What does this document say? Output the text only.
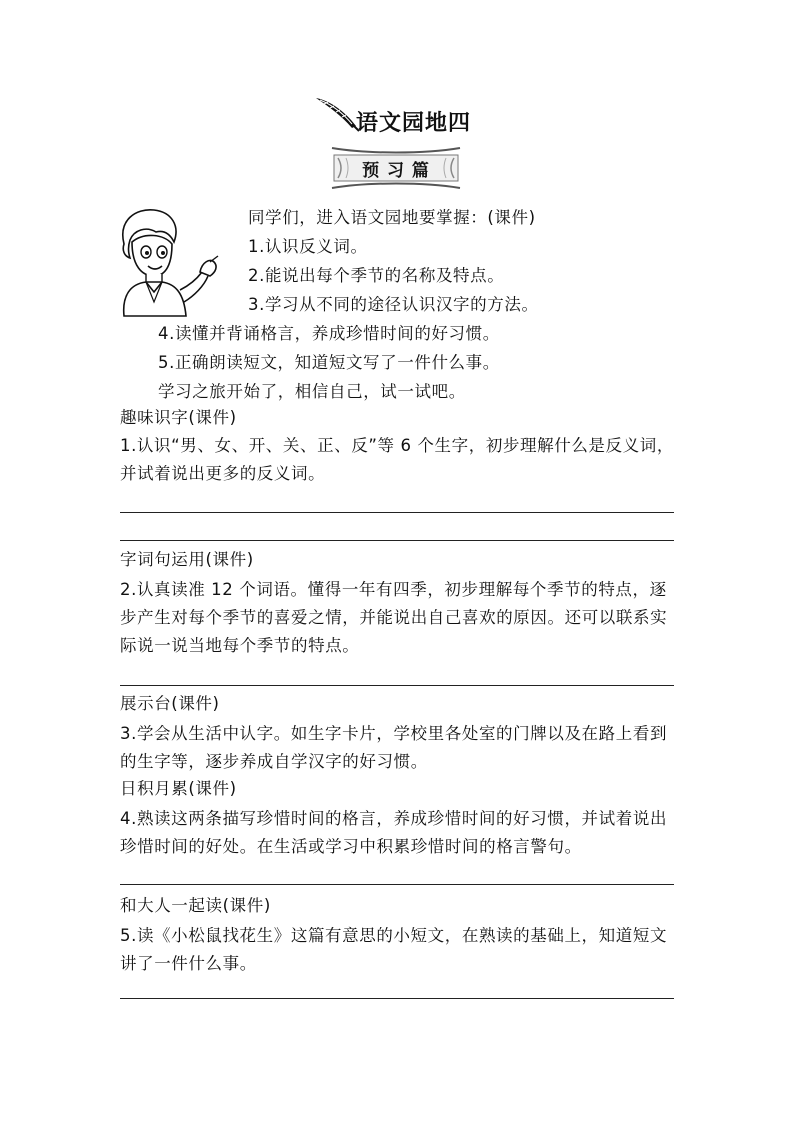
语文园地四
预 习 篇
同学们，进入语文园地要掌握：(课件)
1.认识反义词。
2.能说出每个季节的名称及特点。
3.学习从不同的途径认识汉字的方法。
4.读懂并背诵格言，养成珍惜时间的好习惯。
5.正确朗读短文，知道短文写了一件什么事。
学习之旅开始了，相信自己，试一试吧。
趣味识字(课件)
1.认识“男、女、开、关、正、反”等 6 个生字，初步理解什么是反义词，并试着说出更多的反义词。
字词句运用(课件)
2.认真读准 12 个词语。懂得一年有四季，初步理解每个季节的特点，逐步产生对每个季节的喜爱之情，并能说出自己喜欢的原因。还可以联系实际说一说当地每个季节的特点。
展示台(课件)
3.学会从生活中认字。如生字卡片，学校里各处室的门牌以及在路上看到的生字等，逐步养成自学汉字的好习惯。
日积月累(课件)
4.熟读这两条描写珍惜时间的格言，养成珍惜时间的好习惯，并试着说出珍惜时间的好处。在生活或学习中积累珍惜时间的格言警句。
和大人一起读(课件)
5.读《小松鼠找花生》这篇有意思的小短文，在熟读的基础上，知道短文讲了一件什么事。
